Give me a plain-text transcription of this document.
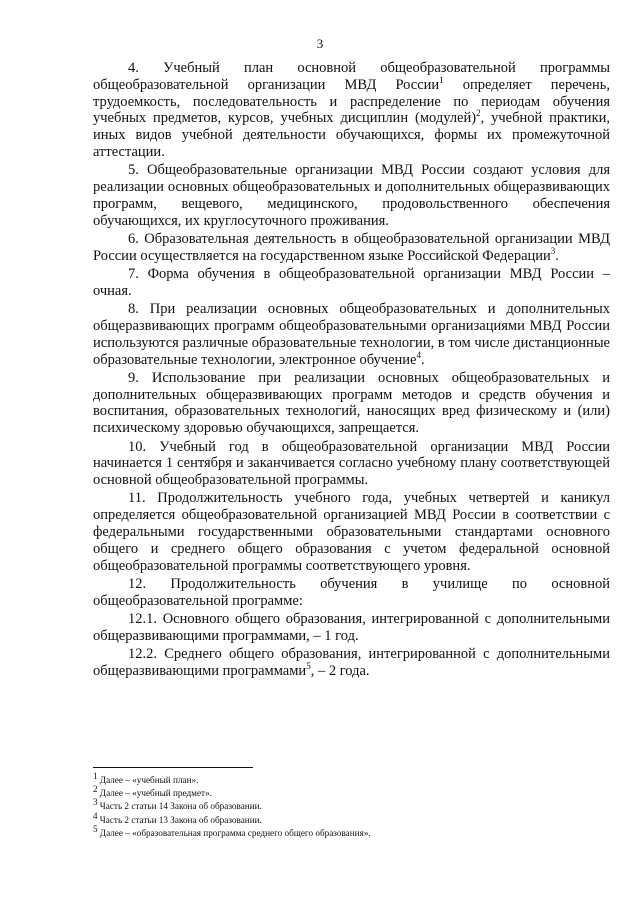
3

4. Учебный план основной общеобразовательной программы общеобразовательной организации МВД России$^1$ определяет перечень, трудоемкость, последовательность и распределение по периодам обучения учебных предметов, курсов, учебных дисциплин (модулей)$^2$, учебной практики, иных видов учебной деятельности обучающихся, формы их промежуточной аттестации.

5. Общеобразовательные организации МВД России создают условия для реализации основных общеобразовательных и дополнительных общеразвивающих программ, вещевого, медицинского, продовольственного обеспечения обучающихся, их круглосуточного проживания.

6. Образовательная деятельность в общеобразовательной организации МВД России осуществляется на государственном языке Российской Федерации$^3$.

7. Форма обучения в общеобразовательной организации МВД России – очная.

8. При реализации основных общеобразовательных и дополнительных общеразвивающих программ общеобразовательными организациями МВД России используются различные образовательные технологии, в том числе дистанционные образовательные технологии, электронное обучение$^4$.

9. Использование при реализации основных общеобразовательных и дополнительных общеразвивающих программ методов и средств обучения и воспитания, образовательных технологий, наносящих вред физическому и (или) психическому здоровью обучающихся, запрещается.

10. Учебный год в общеобразовательной организации МВД России начинается 1 сентября и заканчивается согласно учебному плану соответствующей основной общеобразовательной программы.

11. Продолжительность учебного года, учебных четвертей и каникул определяется общеобразовательной организацией МВД России в соответствии с федеральными государственными образовательными стандартами основного общего и среднего общего образования с учетом федеральной основной общеобразовательной программы соответствующего уровня.

12. Продолжительность обучения в училище по основной общеобразовательной программе:

12.1. Основного общего образования, интегрированной с дополнительными общеразвивающими программами, – 1 год.

12.2. Среднего общего образования, интегрированной с дополнительными общеразвивающими программами$^5$, – 2 года.

$^1$ Далее – «учебный план».
$^2$ Далее – «учебный предмет».
$^3$ Часть 2 статьи 14 Закона об образовании.
$^4$ Часть 2 статьи 13 Закона об образовании.
$^5$ Далее – «образовательная программа среднего общего образования».
